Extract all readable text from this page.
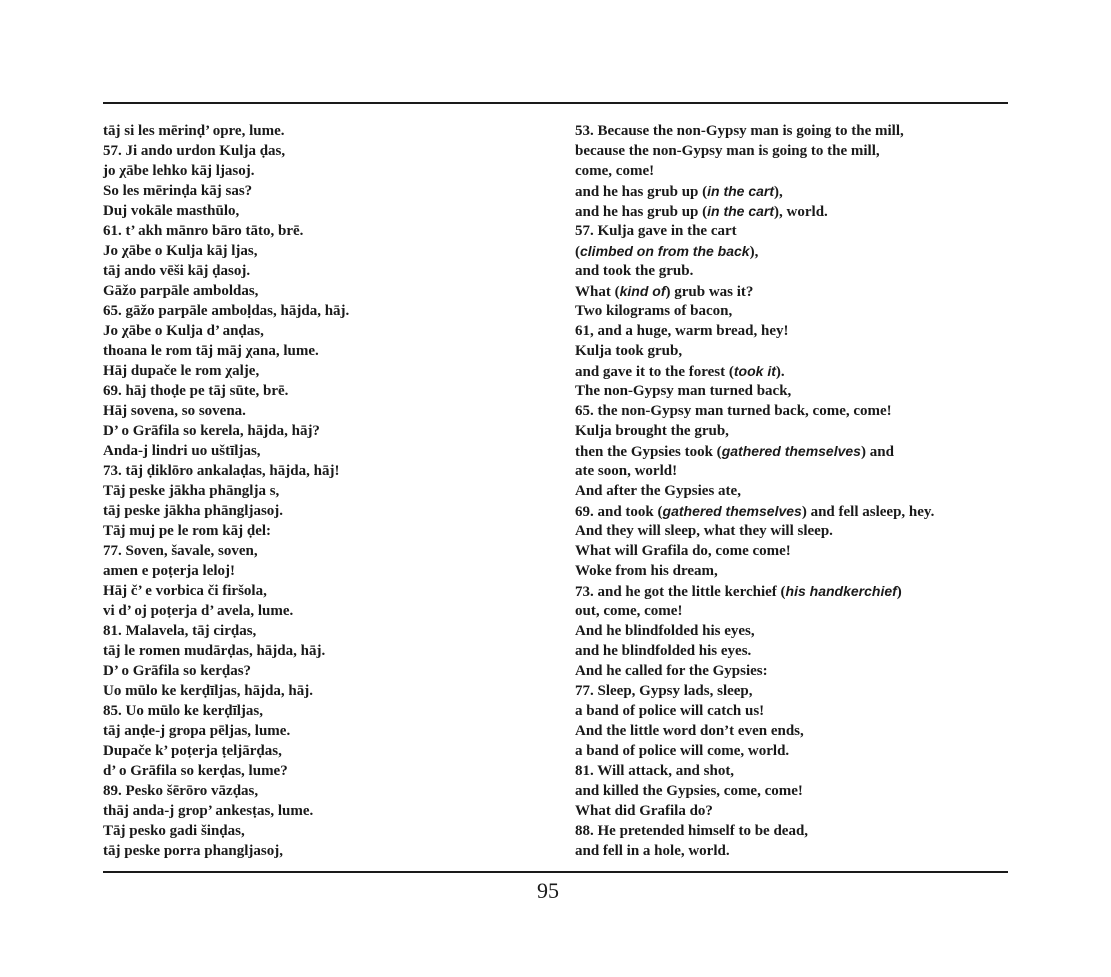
tāj si les mērinḍ’ opre, lume.
57. Ji ando urdon Kulja ḍas,
jo χābe lehko kāj ljasoj.
So les mērinḍa kāj sas?
Duj vokāle masthūlo,
61. t’ akh mānro bāro tāto, brē.
Jo χābe o Kulja kāj ljas,
tāj ando vēši kāj ḍasoj.
Gāžo parpāle amboldas,
65. gāžo parpāle amboḷdas, hājda, hāj.
Jo χābe o Kulja d’ anḍas,
thoana le rom tāj māj χana, lume.
Hāj dupače le rom χalje,
69. hāj thoḍe pe tāj sūte, brē.
Hāj sovena, so sovena.
D’ o Grāfila so kerela, hājda, hāj?
Anda-j lindri uo uštīljas,
73. tāj ḍiklōro ankalaḍas, hājda, hāj!
Tāj peske jākha phānglja s,
tāj peske jākha phāngljasoj.
Tāj muj pe le rom kāj ḍel:
77. Soven, šavale, soven,
amen e poṭerja leloj!
Hāj č’ e vorbica či firšola,
vi d’ oj poṭerja d’ avela, lume.
81. Malavela, tāj cirḍas,
tāj le romen mudārḍas, hājda, hāj.
D’ o Grāfila so kerḍas?
Uo mūlo ke kerḍīljas, hājda, hāj.
85. Uo mūlo ke kerḍīljas,
tāj anḍe-j gropa pēljas, lume.
Dupače k’ poṭerja ṭeljārḍas,
d’ o Grāfila so kerḍas, lume?
89. Pesko šērōro vāzḍas,
thāj anda-j grop’ ankesṭas, lume.
Tāj pesko gadi šinḍas,
tāj peske porra phangljasoj,
53. Because the non-Gypsy man is going to the mill,
because the non-Gypsy man is going to the mill,
come, come!
and he has grub up (in the cart),
and he has grub up (in the cart), world.
57. Kulja gave in the cart
(climbed on from the back),
and took the grub.
What (kind of) grub was it?
Two kilograms of bacon,
61, and a huge, warm bread, hey!
Kulja took grub,
and gave it to the forest (took it).
The non-Gypsy man turned back,
65. the non-Gypsy man turned back, come, come!
Kulja brought the grub,
then the Gypsies took (gathered themselves) and
ate soon, world!
And after the Gypsies ate,
69. and took (gathered themselves) and fell asleep, hey.
And they will sleep, what they will sleep.
What will Grafila do, come come!
Woke from his dream,
73. and he got the little kerchief (his handkerchief)
out, come, come!
And he blindfolded his eyes,
and he blindfolded his eyes.
And he called for the Gypsies:
77. Sleep, Gypsy lads, sleep,
a band of police will catch us!
And the little word don’t even ends,
a band of police will come, world.
81. Will attack, and shot,
and killed the Gypsies, come, come!
What did Grafila do?
88. He pretended himself to be dead,
and fell in a hole, world.
95
